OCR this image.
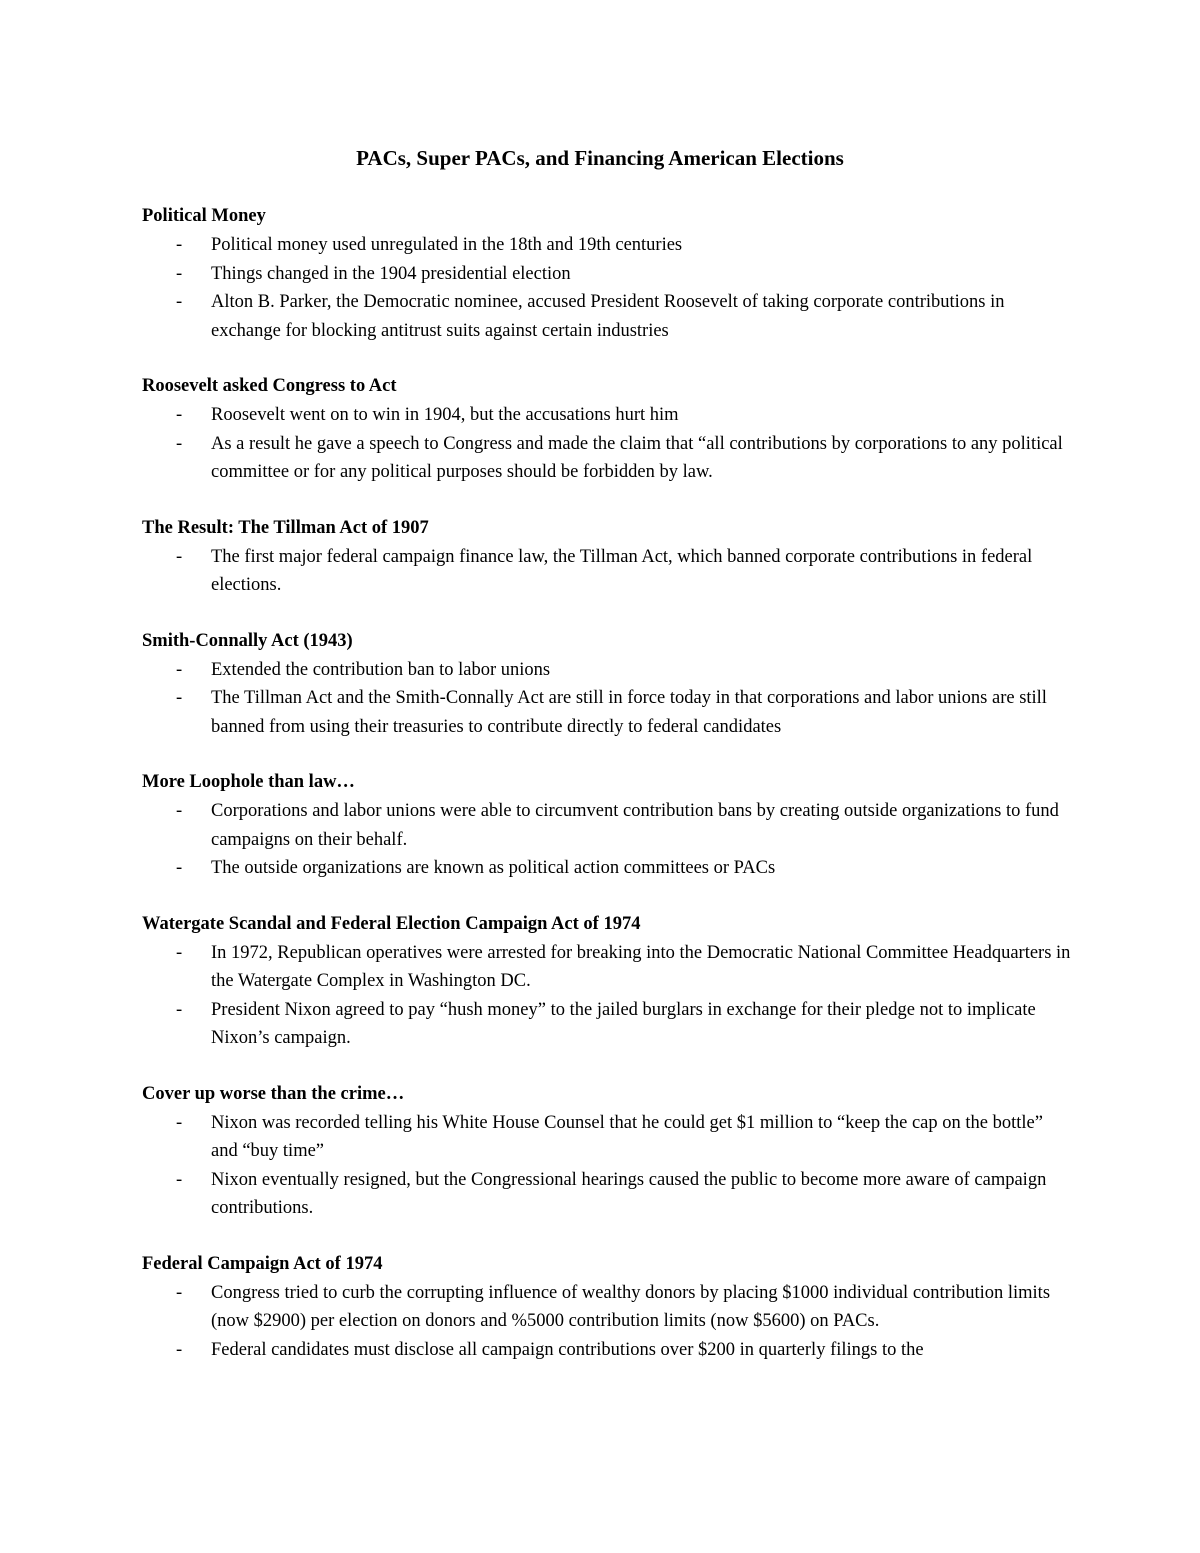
PACs, Super PACs, and Financing American Elections
Political Money
- Political money used unregulated in the 18th and 19th centuries
- Things changed in the 1904 presidential election
- Alton B. Parker, the Democratic nominee, accused President Roosevelt of taking corporate contributions in exchange for blocking antitrust suits against certain industries
Roosevelt asked Congress to Act
- Roosevelt went on to win in 1904, but the accusations hurt him
- As a result he gave a speech to Congress and made the claim that “all contributions by corporations to any political committee or for any political purposes should be forbidden by law.
The Result: The Tillman Act of 1907
- The first major federal campaign finance law, the Tillman Act, which banned corporate contributions in federal elections.
Smith-Connally Act (1943)
- Extended the contribution ban to labor unions
- The Tillman Act and the Smith-Connally Act are still in force today in that corporations and labor unions are still banned from using their treasuries to contribute directly to federal candidates
More Loophole than law…
- Corporations and labor unions were able to circumvent contribution bans by creating outside organizations to fund campaigns on their behalf.
- The outside organizations are known as political action committees or PACs
Watergate Scandal and Federal Election Campaign Act of 1974
- In 1972, Republican operatives were arrested for breaking into the Democratic National Committee Headquarters in the Watergate Complex in Washington DC.
- President Nixon agreed to pay “hush money” to the jailed burglars in exchange for their pledge not to implicate Nixon’s campaign.
Cover up worse than the crime…
- Nixon was recorded telling his White House Counsel that he could get $1 million to “keep the cap on the bottle” and “buy time”
- Nixon eventually resigned, but the Congressional hearings caused the public to become more aware of campaign contributions.
Federal Campaign Act of 1974
- Congress tried to curb the corrupting influence of wealthy donors by placing $1000 individual contribution limits (now $2900) per election on donors and %5000 contribution limits (now $5600) on PACs.
- Federal candidates must disclose all campaign contributions over $200 in quarterly filings to the
